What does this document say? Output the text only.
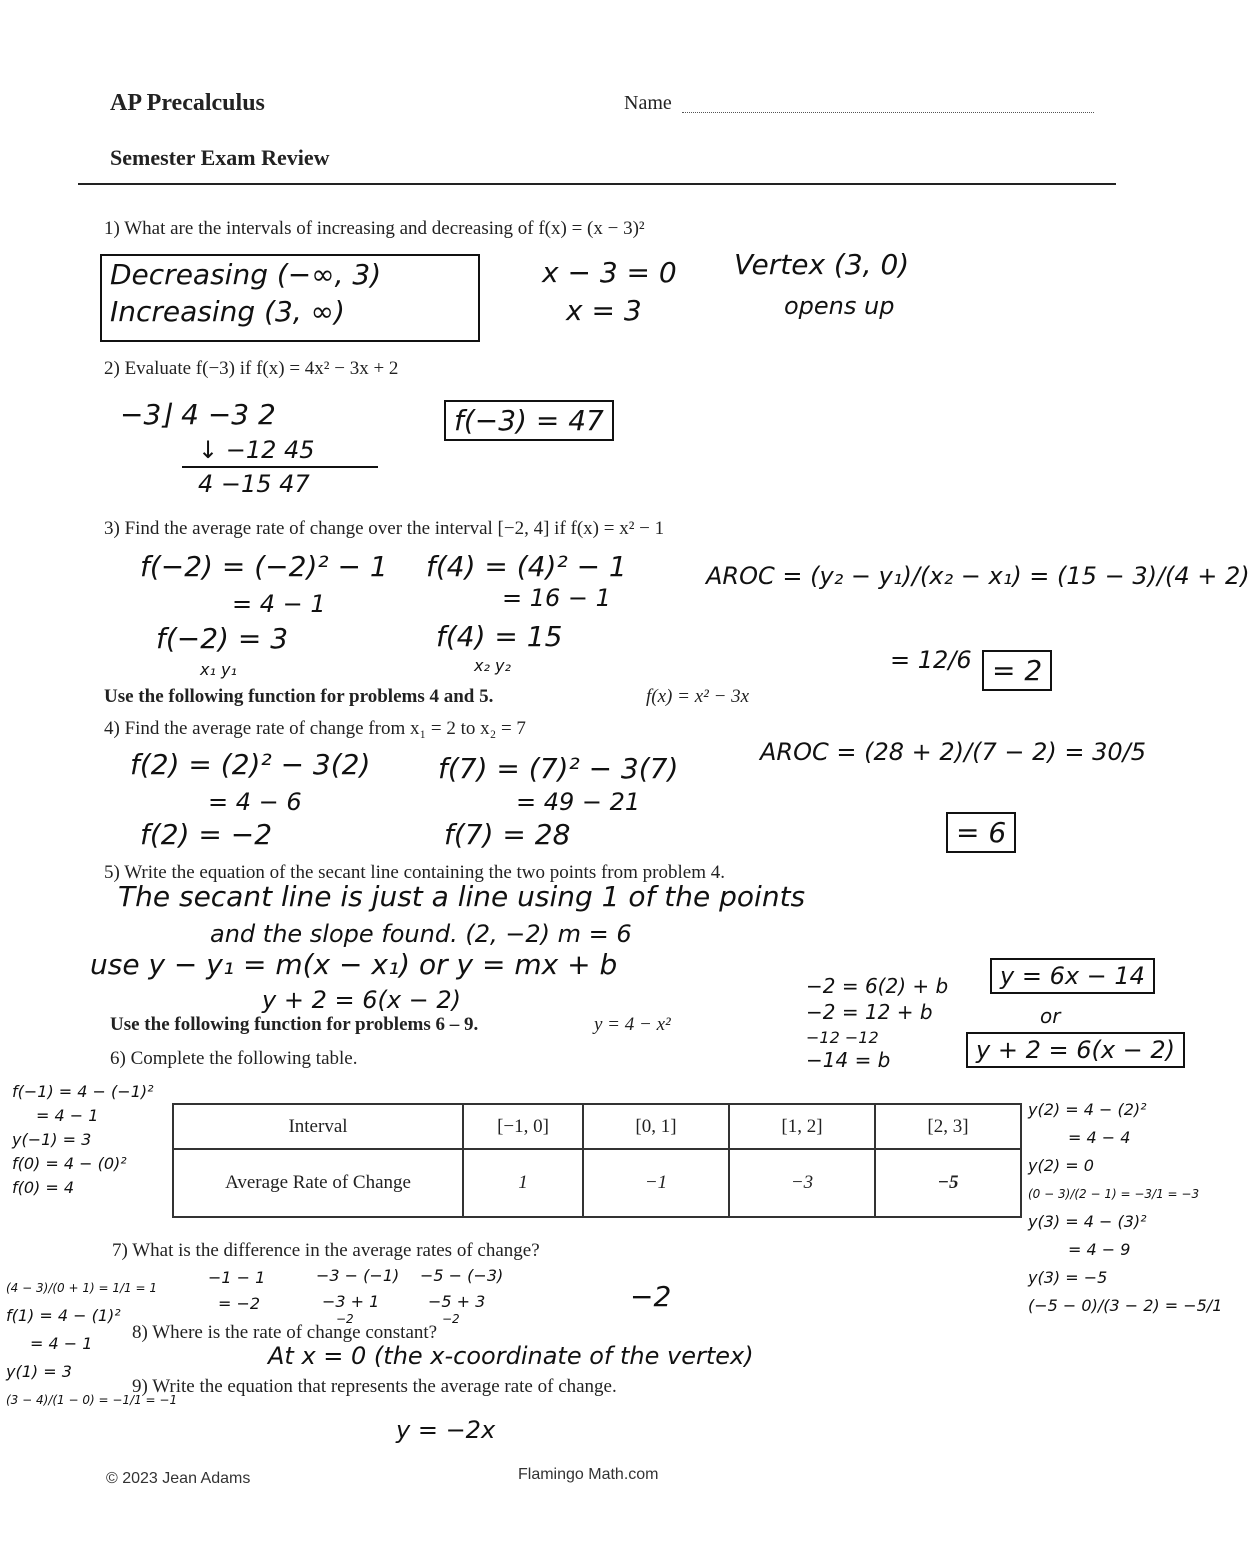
AP Precalculus	Name
Semester Exam Review
1) What are the intervals of increasing and decreasing of f(x) = (x − 3)²
Decreasing (−∞, 3)
Increasing (3, ∞)
x − 3 = 0
x = 3
Vertex (3, 0)
opens up
2) Evaluate f(−3) if f(x) = 4x² − 3x + 2
−3⌋ 4 −3 2
↓ −12 45
4 −15 47
f(−3) = 47
3) Find the average rate of change over the interval [−2, 4] if f(x) = x² − 1
f(−2) = (−2)² − 1
= 4 − 1
f(−2) = 3
x₁ y₁
f(4) = (4)² − 1
= 16 − 1
f(4) = 15
x₂ y₂
AROC = (y₂ − y₁)/(x₂ − x₁) = (15 − 3)/(4 + 2)
= 12/6 = 2
Use the following function for problems 4 and 5.	f(x) = x² − 3x
4) Find the average rate of change from x₁ = 2 to x₂ = 7
f(2) = (2)² − 3(2)
= 4 − 6
f(2) = −2
f(7) = (7)² − 3(7)
= 49 − 21
f(7) = 28
AROC = (28 + 2)/(7 − 2) = 30/5
= 6
5) Write the equation of the secant line containing the two points from problem 4.
The secant line is just a line using 1 of the points
and the slope found. (2, −2) m = 6
use y − y₁ = m(x − x₁) or y = mx + b
y + 2 = 6(x − 2)	−2 = 6(2) + b
−2 = 12 + b
−12 −12
−14 = b
y = 6x − 14
or
y + 2 = 6(x − 2)
Use the following function for problems 6 – 9.	y = 4 − x²
6) Complete the following table.
f(−1) = 4 − (−1)²
= 4 − 1
y(−1) = 3
f(0) = 4 − (0)²
f(0) = 4
Interval	[−1, 0]	[0, 1]	[1, 2]	[2, 3]
Average Rate of Change	1	−1	−3	−5
y(2) = 4 − (2)²
= 4 − 4
y(2) = 0
(0 − 3)/(2 − 1) = −3/1 = −3
y(3) = 4 − (3)²
= 4 − 9
y(3) = −5
(−5 − 0)/(3 − 2) = −5/1
7) What is the difference in the average rates of change?
(4 − 3)/(0 + 1) = 1/1 = 1
f(1) = 4 − (1)²
= 4 − 1
y(1) = 3
(3 − 4)/(1 − 0) = −1/1 = −1
−1 − 1
= −2
−3 − (−1)
−3 + 1
−2
−5 − (−3)
−5 + 3
−2
−2
8) Where is the rate of change constant?
At x = 0 (the x-coordinate of the vertex)
9) Write the equation that represents the average rate of change.
y = −2x
© 2023 Jean Adams	Flamingo Math.com
